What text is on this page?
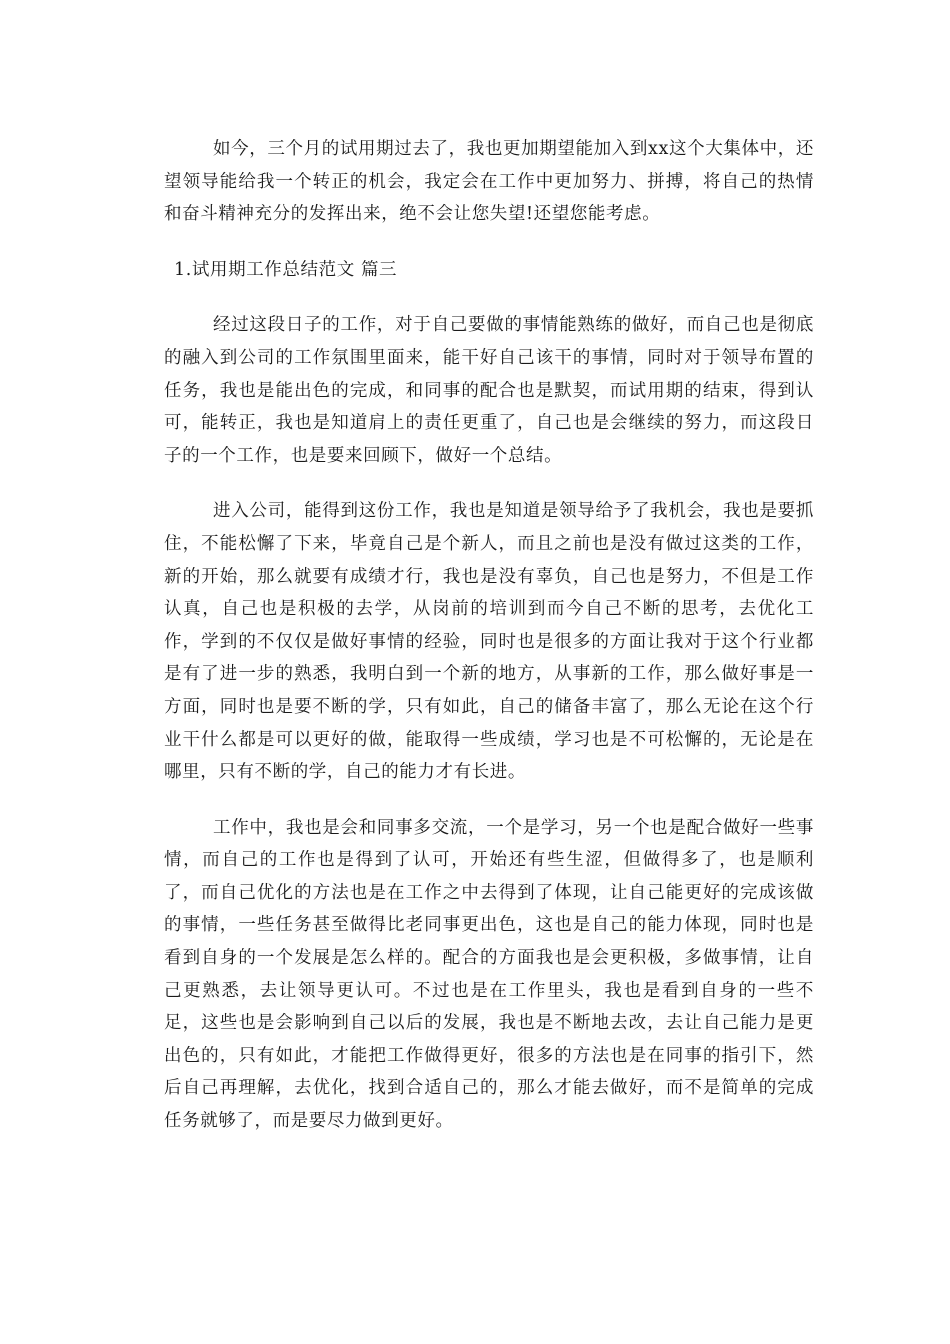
如今，三个月的试用期过去了，我也更加期望能加入到xx这个大集体中，还望领导能给我一个转正的机会，我定会在工作中更加努力、拼搏，将自己的热情和奋斗精神充分的发挥出来，绝不会让您失望!还望您能考虑。

1.试用期工作总结范文 篇三

经过这段日子的工作，对于自己要做的事情能熟练的做好，而自己也是彻底的融入到公司的工作氛围里面来，能干好自己该干的事情，同时对于领导布置的任务，我也是能出色的完成，和同事的配合也是默契，而试用期的结束，得到认可，能转正，我也是知道肩上的责任更重了，自己也是会继续的努力，而这段日子的一个工作，也是要来回顾下，做好一个总结。

进入公司，能得到这份工作，我也是知道是领导给予了我机会，我也是要抓住，不能松懈了下来，毕竟自己是个新人，而且之前也是没有做过这类的工作，新的开始，那么就要有成绩才行，我也是没有辜负，自己也是努力，不但是工作认真，自己也是积极的去学，从岗前的培训到而今自己不断的思考，去优化工作，学到的不仅仅是做好事情的经验，同时也是很多的方面让我对于这个行业都是有了进一步的熟悉，我明白到一个新的地方，从事新的工作，那么做好事是一方面，同时也是要不断的学，只有如此，自己的储备丰富了，那么无论在这个行业干什么都是可以更好的做，能取得一些成绩，学习也是不可松懈的，无论是在哪里，只有不断的学，自己的能力才有长进。

工作中，我也是会和同事多交流，一个是学习，另一个也是配合做好一些事情，而自己的工作也是得到了认可，开始还有些生涩，但做得多了，也是顺利了，而自己优化的方法也是在工作之中去得到了体现，让自己能更好的完成该做的事情，一些任务甚至做得比老同事更出色，这也是自己的能力体现，同时也是看到自身的一个发展是怎么样的。配合的方面我也是会更积极，多做事情，让自己更熟悉，去让领导更认可。不过也是在工作里头，我也是看到自身的一些不足，这些也是会影响到自己以后的发展，我也是不断地去改，去让自己能力是更出色的，只有如此，才能把工作做得更好，很多的方法也是在同事的指引下，然后自己再理解，去优化，找到合适自己的，那么才能去做好，而不是简单的完成任务就够了，而是要尽力做到更好。
